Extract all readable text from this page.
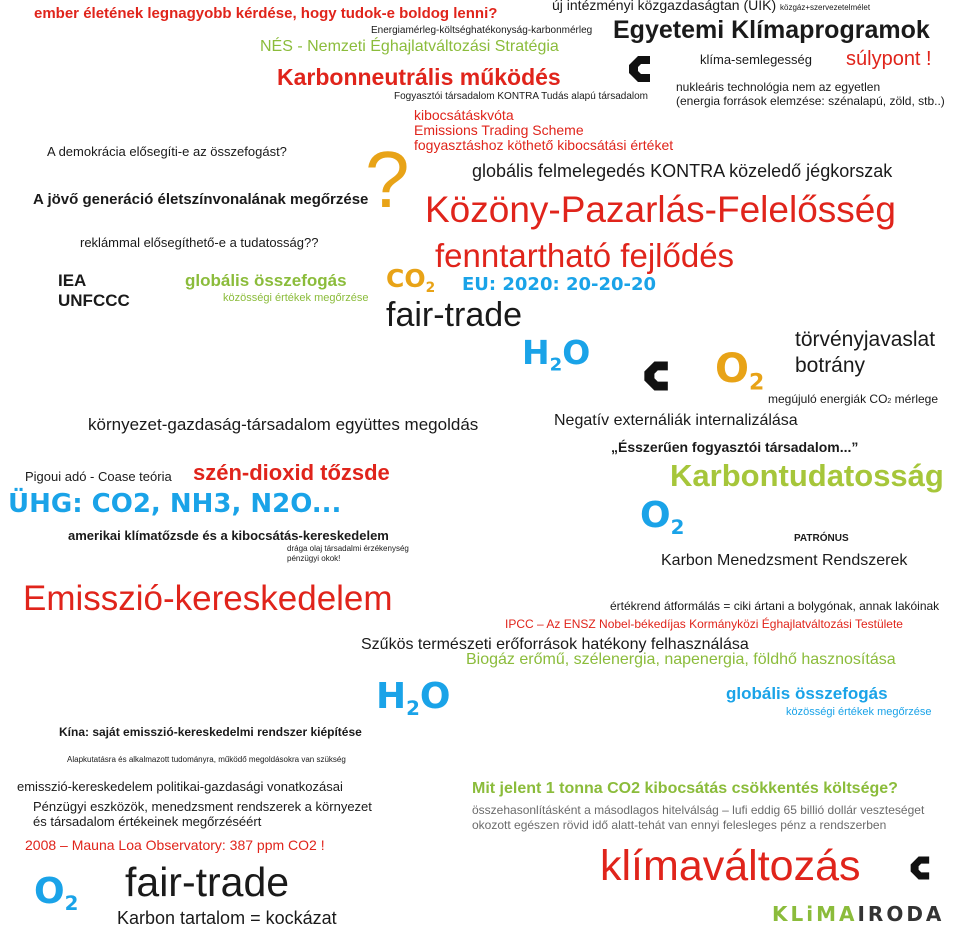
ember életének legnagyobb kérdése, hogy tudok-e boldog lenni?
Energiamérleg-költséghatékonyság-karbonmérleg
NÉS - Nemzeti Éghajlatváltozási Stratégia
új intézményi közgazdaságtan (UIK) közgáz+szervezetelmélet
Egyetemi Klímaprogramok
klíma-semlegesség súlypont !
Karbonneutrális működés	nukleáris technológia nem az egyetlen
(energia források elemzése: szénalapú, zöld, stb..)
Fogyasztói társadalom KONTRA Tudás alapú társadalom
kibocsátáskvóta
Emissions Trading Scheme
fogyasztáshoz köthető kibocsátási értéket
A demokrácia elősegíti-e az összefogást? ?	globális felmelegedés KONTRA közeledő jégkorszak
A jövő generáció életszínvonalának megőrzése Közöny-Pazarlás-Felelősség
reklámmal elősegíthető-e a tudatosság??	fenntartható fejlődés
IEA
UNFCCC
globális összefogás
közösségi értékek megőrzése
$CO_2$ EU: 2020: 20-20-20
fair-trade
törvényjavaslat
botrány
$H_2O$	$O_2$
megújuló energiák CO2 mérlege
környezet-gazdaság-társadalom együttes megoldás	Negatív externáliák internalizálása
„Ésszerűen fogyasztói társadalom...”
Pigoui adó - Coase teória szén-dioxid tőzsde	Karbontudatosság
ÜHG: CO2, NH3, N2O...	$O_2$
amerikai klímatőzsde és a kibocsátás-kereskedelem
drága olaj társadalmi érzékenység
pénzügyi okok!
PATRÓNUS
Karbon Menedzsment Rendszerek
Emisszió-kereskedelem	értékrend átformálás = ciki ártani a bolygónak, annak lakóinak
IPCC – Az ENSZ Nobel-békedíjas Kormányközi Éghajlatváltozási Testülete
Szűkös természeti erőforrások hatékony felhasználása
Biogáz erőmű, szélenergia, napenergia, földhő hasznosítása
$H_2O$	globális összefogás
közösségi értékek megőrzése
Kína: saját emisszió-kereskedelmi rendszer kiépítése
Alapkutatásra és alkalmazott tudományra, működő megoldásokra van szükség
Mit jelent 1 tonna CO2 kibocsátás csökkentés költsége?
emisszió-kereskedelem politikai-gazdasági vonatkozásai
összehasonlításként a másodlagos hitelválság – lufi eddig 65 billió dollár veszteséget
okozott egészen rövid idő alatt-tehát van ennyi felesleges pénz a rendszerben
Pénzügyi eszközök, menedzsment rendszerek a környezet
és társadalom értékeinek megőrzéséért
klímaváltozás
2008 – Mauna Loa Observatory: 387 ppm CO2 !
$O_2$ fair-trade
Karbon tartalom = kockázat	KLiMAIRODA
